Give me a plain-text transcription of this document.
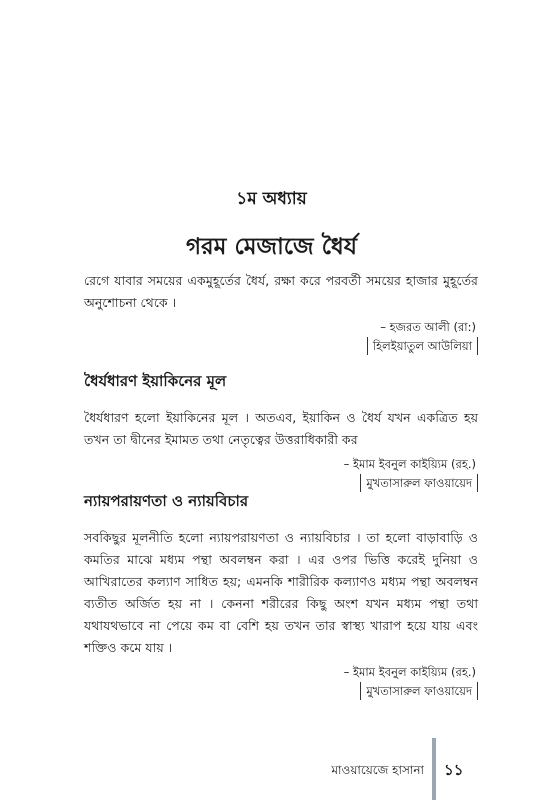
১ম অধ্যায়
গরম মেজাজে ধৈর্য

রেগে যাবার সময়ের একমুহূর্তের ধৈর্য, রক্ষা করে পরবর্তী সময়ের হাজার মুহূর্তের অনুশোচনা থেকে ।

– হজরত আলী (রা:)
হিলইয়াতুল আউলিয়া
ধৈর্যধারণ ইয়াকিনের মূল

ধৈর্যধারণ হলো ইয়াকিনের মূল । অতএব, ইয়াকিন ও ধৈর্য যখন একত্রিত হয় তখন তা দ্বীনের ইমামত তথা নেতৃত্বের উত্তরাধিকারী কর

– ইমাম ইবনুল কাইয়্যিম (রহ.)
মুখতাসারুল ফাওয়ায়েদ
ন্যায়পরায়ণতা ও ন্যায়বিচার

সবকিছুর মূলনীতি হলো ন্যায়পরায়ণতা ও ন্যায়বিচার । তা হলো বাড়াবাড়ি ও কমতির মাঝে মধ্যম পন্থা অবলম্বন করা । এর ওপর ভিত্তি করেই দুনিয়া ও আখিরাতের কল্যাণ সাধিত হয়; এমনকি শারীরিক কল্যাণও মধ্যম পন্থা অবলম্বন ব্যতীত অর্জিত হয় না । কেননা শরীরের কিছু অংশ যখন মধ্যম পন্থা তথা যথাযথভাবে না পেয়ে কম বা বেশি হয় তখন তার স্বাস্থ্য খারাপ হয়ে যায় এবং শক্তিও কমে যায় ।

– ইমাম ইবনুল কাইয়্যিম (রহ.)
মুখতাসারুল ফাওয়ায়েদ
মাওয়ায়েজে হাসানা ১১
